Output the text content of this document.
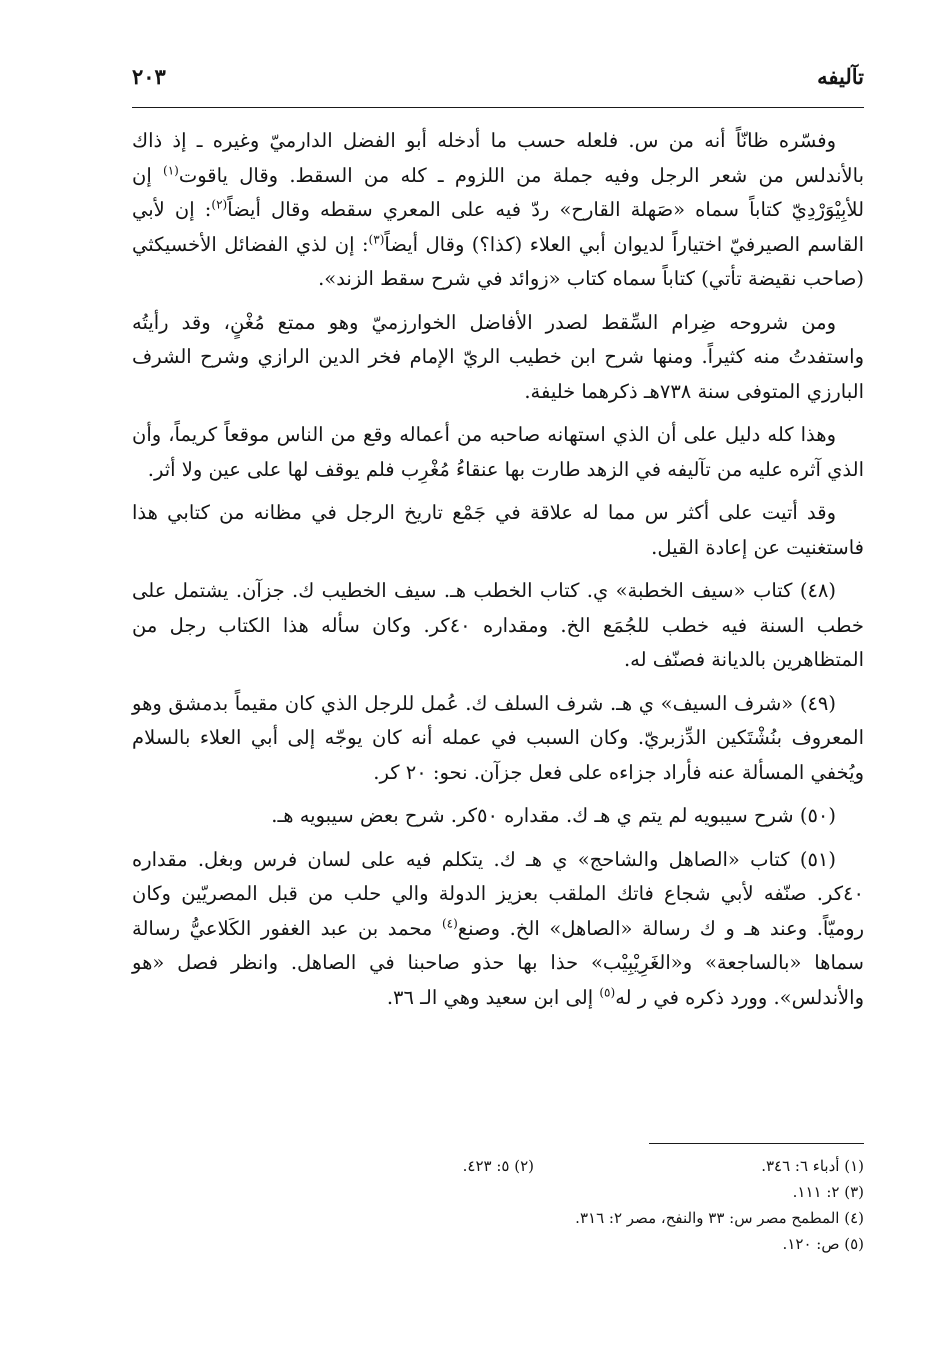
تآليفه
٢٠٣

وفسّره ظانّاً أنه من س. فلعله حسب ما أدخله أبو الفضل الدارميّ وغيره ـ إذ ذاك بالأندلس من شعر الرجل وفيه جملة من اللزوم ـ كله من السقط. وقال ياقوت$^{(١)}$ إن للأبِيْوَرْدِيّ كتاباً سماه «صَهلة القارح» ردّ فيه على المعري سقطه وقال أيضاً$^{(٢)}$: إن لأبي القاسم الصيرفيّ اختياراً لديوان أبي العلاء (كذا؟) وقال أيضاً$^{(٣)}$: إن لذي الفضائل الأخسيكثي (صاحب نقيضة تأتي) كتاباً سماه كتاب «زوائد في شرح سقط الزند».

ومن شروحه ضِرام السِّقط لصدر الأفاضل الخوارزميّ وهو ممتع مُغْنٍ، وقد رأيتُه واستفدتُ منه كثيراً. ومنها شرح ابن خطيب الريّ الإمام فخر الدين الرازي وشرح الشرف البارزي المتوفى سنة ٧٣٨هـ ذكرهما خليفة.

وهذا كله دليل على أن الذي استهانه صاحبه من أعماله وقع من الناس موقعاً كريماً، وأن الذي آثره عليه من تآليفه في الزهد طارت بها عنقاءُ مُغْرِب فلم يوقف لها على عين ولا أثر.

وقد أتيت على أكثر س مما له علاقة في جَمْع تاريخ الرجل في مظانه من كتابي هذا فاستغنيت عن إعادة القيل.

(٤٨) كتاب «سيف الخطبة» ي. كتاب الخطب هـ. سيف الخطيب ك. جزآن. يشتمل على خطب السنة فيه خطب للجُمَع الخ. ومقداره ٤٠كر. وكان سأله هذا الكتاب رجل من المتظاهرين بالديانة فصنّف له.

(٤٩) «شرف السيف» ي هـ. شرف السلف ك. عُمل للرجل الذي كان مقيماً بدمشق وهو المعروف بنُشْتَكين الدِّزبريّ. وكان السبب في عمله أنه كان يوجّه إلى أبي العلاء بالسلام ويُخفي المسألة عنه فأراد جزاءه على فعل جزآن. نحو: ٢٠ كر.

(٥٠) شرح سيبويه لم يتم ي هـ ك. مقداره ٥٠كر. شرح بعض سيبويه هـ.

(٥١) كتاب «الصاهل والشاحج» ي هـ ك. يتكلم فيه على لسان فرس وبغل. مقداره ٤٠كر. صنّفه لأبي شجاع فاتك الملقب بعزيز الدولة والي حلب من قبل المصريّين وكان روميّاً. وعند هـ و ك رسالة «الصاهل» الخ. وصنع$^{(٤)}$ محمد بن عبد الغفور الكَلاعيُّ رسالة سماها «بالساجعة» و«الغَرِيْبِيْب» حذا بها حذو صاحبنا في الصاهل. وانظر فصل «هو والأندلس». وورد ذكره في ر له$^{(٥)}$ إلى ابن سعيد وهي الـ ٣٦.

(١) أدباء ٦: ٣٤٦.
(٢) ٥: ٤٢٣.
(٣) ٢: ١١١.
(٤) المطمح مصر س: ٣٣ والنفح، مصر ٢: ٣١٦.
(٥) ص: ١٢٠.
